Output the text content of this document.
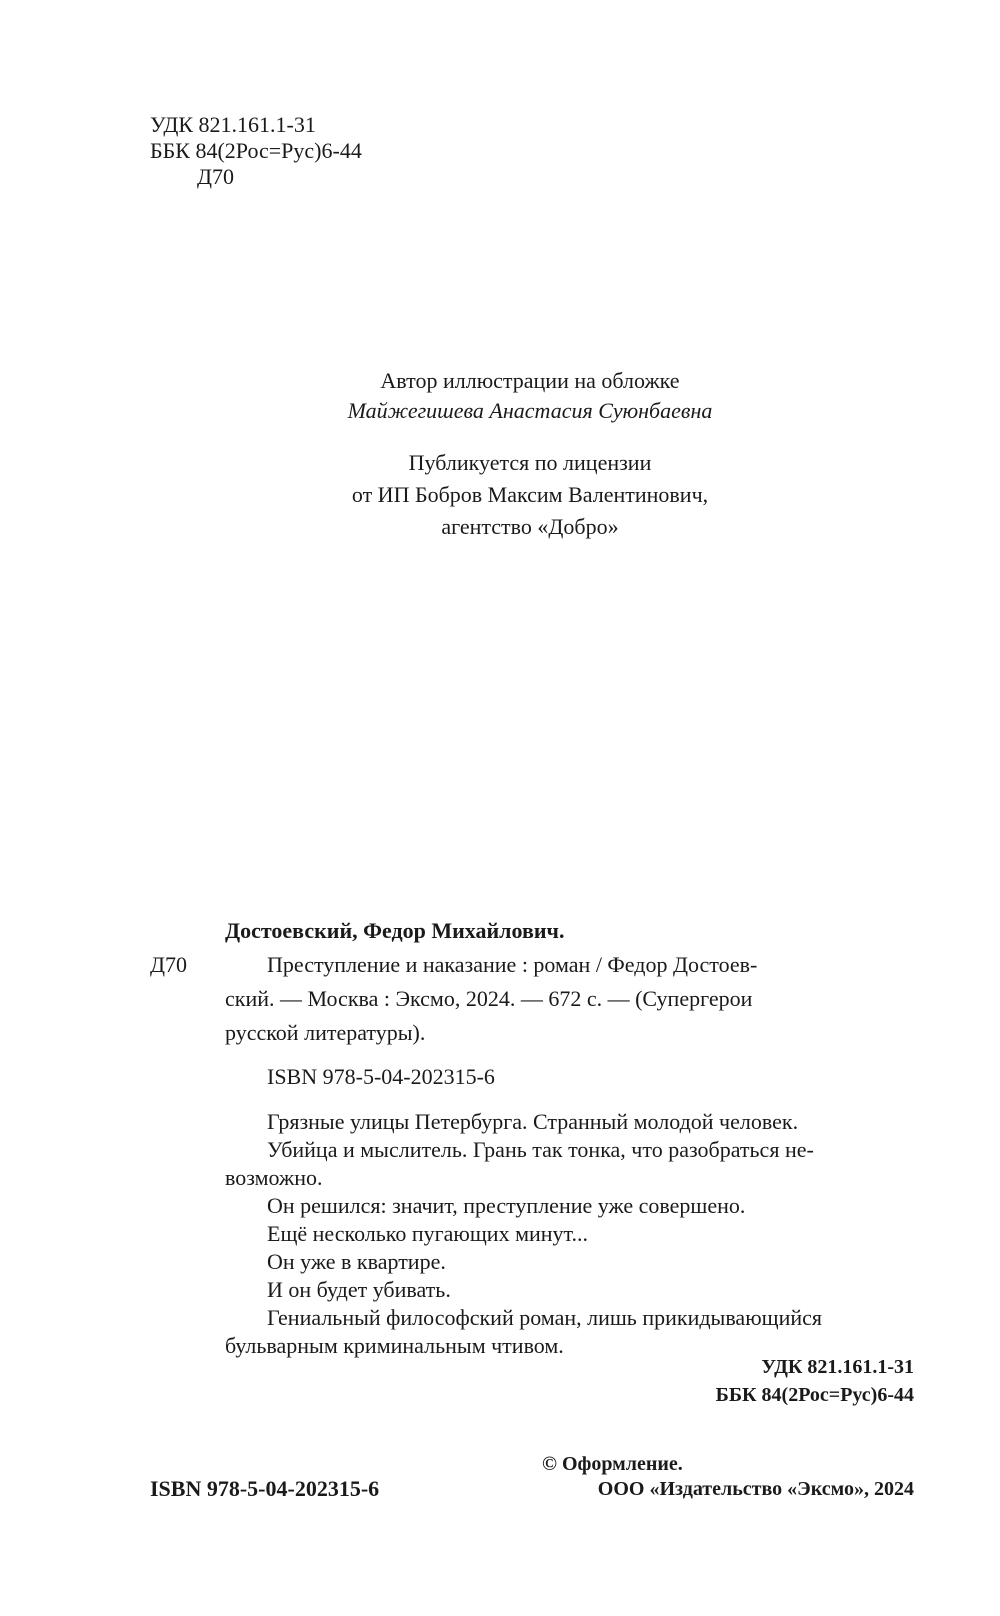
УДК 821.161.1-31
ББК 84(2Рос=Рус)6-44
Д70
Автор иллюстрации на обложке
Майжегишева Анастасия Суюнбаевна
Публикуется по лицензии
от ИП Бобров Максим Валентинович,
агентство «Добро»
Достоевский, Федор Михайлович.
Д70	Преступление и наказание : роман / Федор Достоев-
ский. — Москва : Эксмо, 2024. — 672 с. — (Супергерои
русской литературы).
ISBN 978-5-04-202315-6
Грязные улицы Петербурга. Странный молодой человек.
Убийца и мыслитель. Грань так тонка, что разобраться не-
возможно.
Он решился: значит, преступление уже совершено.
Ещё несколько пугающих минут...
Он уже в квартире.
И он будет убивать.
Гениальный философский роман, лишь прикидывающийся
бульварным криминальным чтивом.
УДК 821.161.1-31
ББК 84(2Рос=Рус)6-44
ISBN 978-5-04-202315-6
© Оформление.
ООО «Издательство «Эксмо», 2024
